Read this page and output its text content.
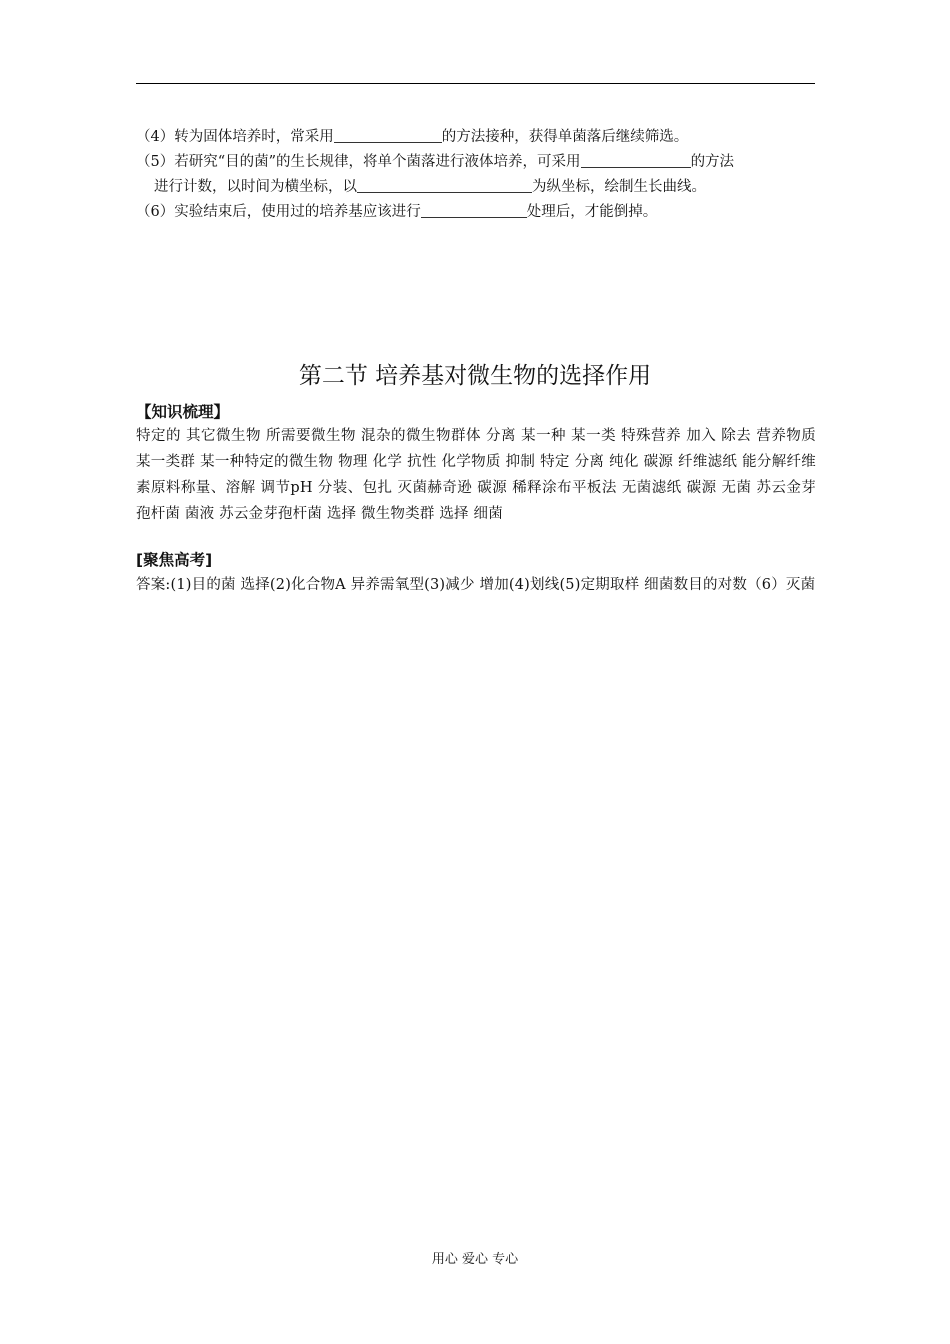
（4）转为固体培养时，常采用	的方法接种，获得单菌落后继续筛选。
（5）若研究“目的菌”的生长规律，将单个菌落进行液体培养，可采用	的方法
进行计数，以时间为横坐标，以	为纵坐标，绘制生长曲线。
（6）实验结束后，使用过的培养基应该进行	处理后，才能倒掉。
第二节 培养基对微生物的选择作用
【知识梳理】
特定的 其它微生物 所需要微生物 混杂的微生物群体 分离 某一种 某一类 特殊营养 加入 除去 营养物质 某一类群 某一种特定的微生物 物理 化学 抗性 化学物质 抑制 特定 分离 纯化 碳源 纤维滤纸 能分解纤维素原料称量、溶解 调节pH 分装、包扎 灭菌赫奇逊 碳源 稀释涂布平板法 无菌滤纸 碳源 无菌 苏云金芽孢杆菌 菌液 苏云金芽孢杆菌 选择 微生物类群 选择 细菌
[聚焦高考]
答案:(1)目的菌 选择(2)化合物A 异养需氧型(3)减少 增加(4)划线(5)定期取样 细菌数目的对数（6）灭菌
用心 爱心 专心
